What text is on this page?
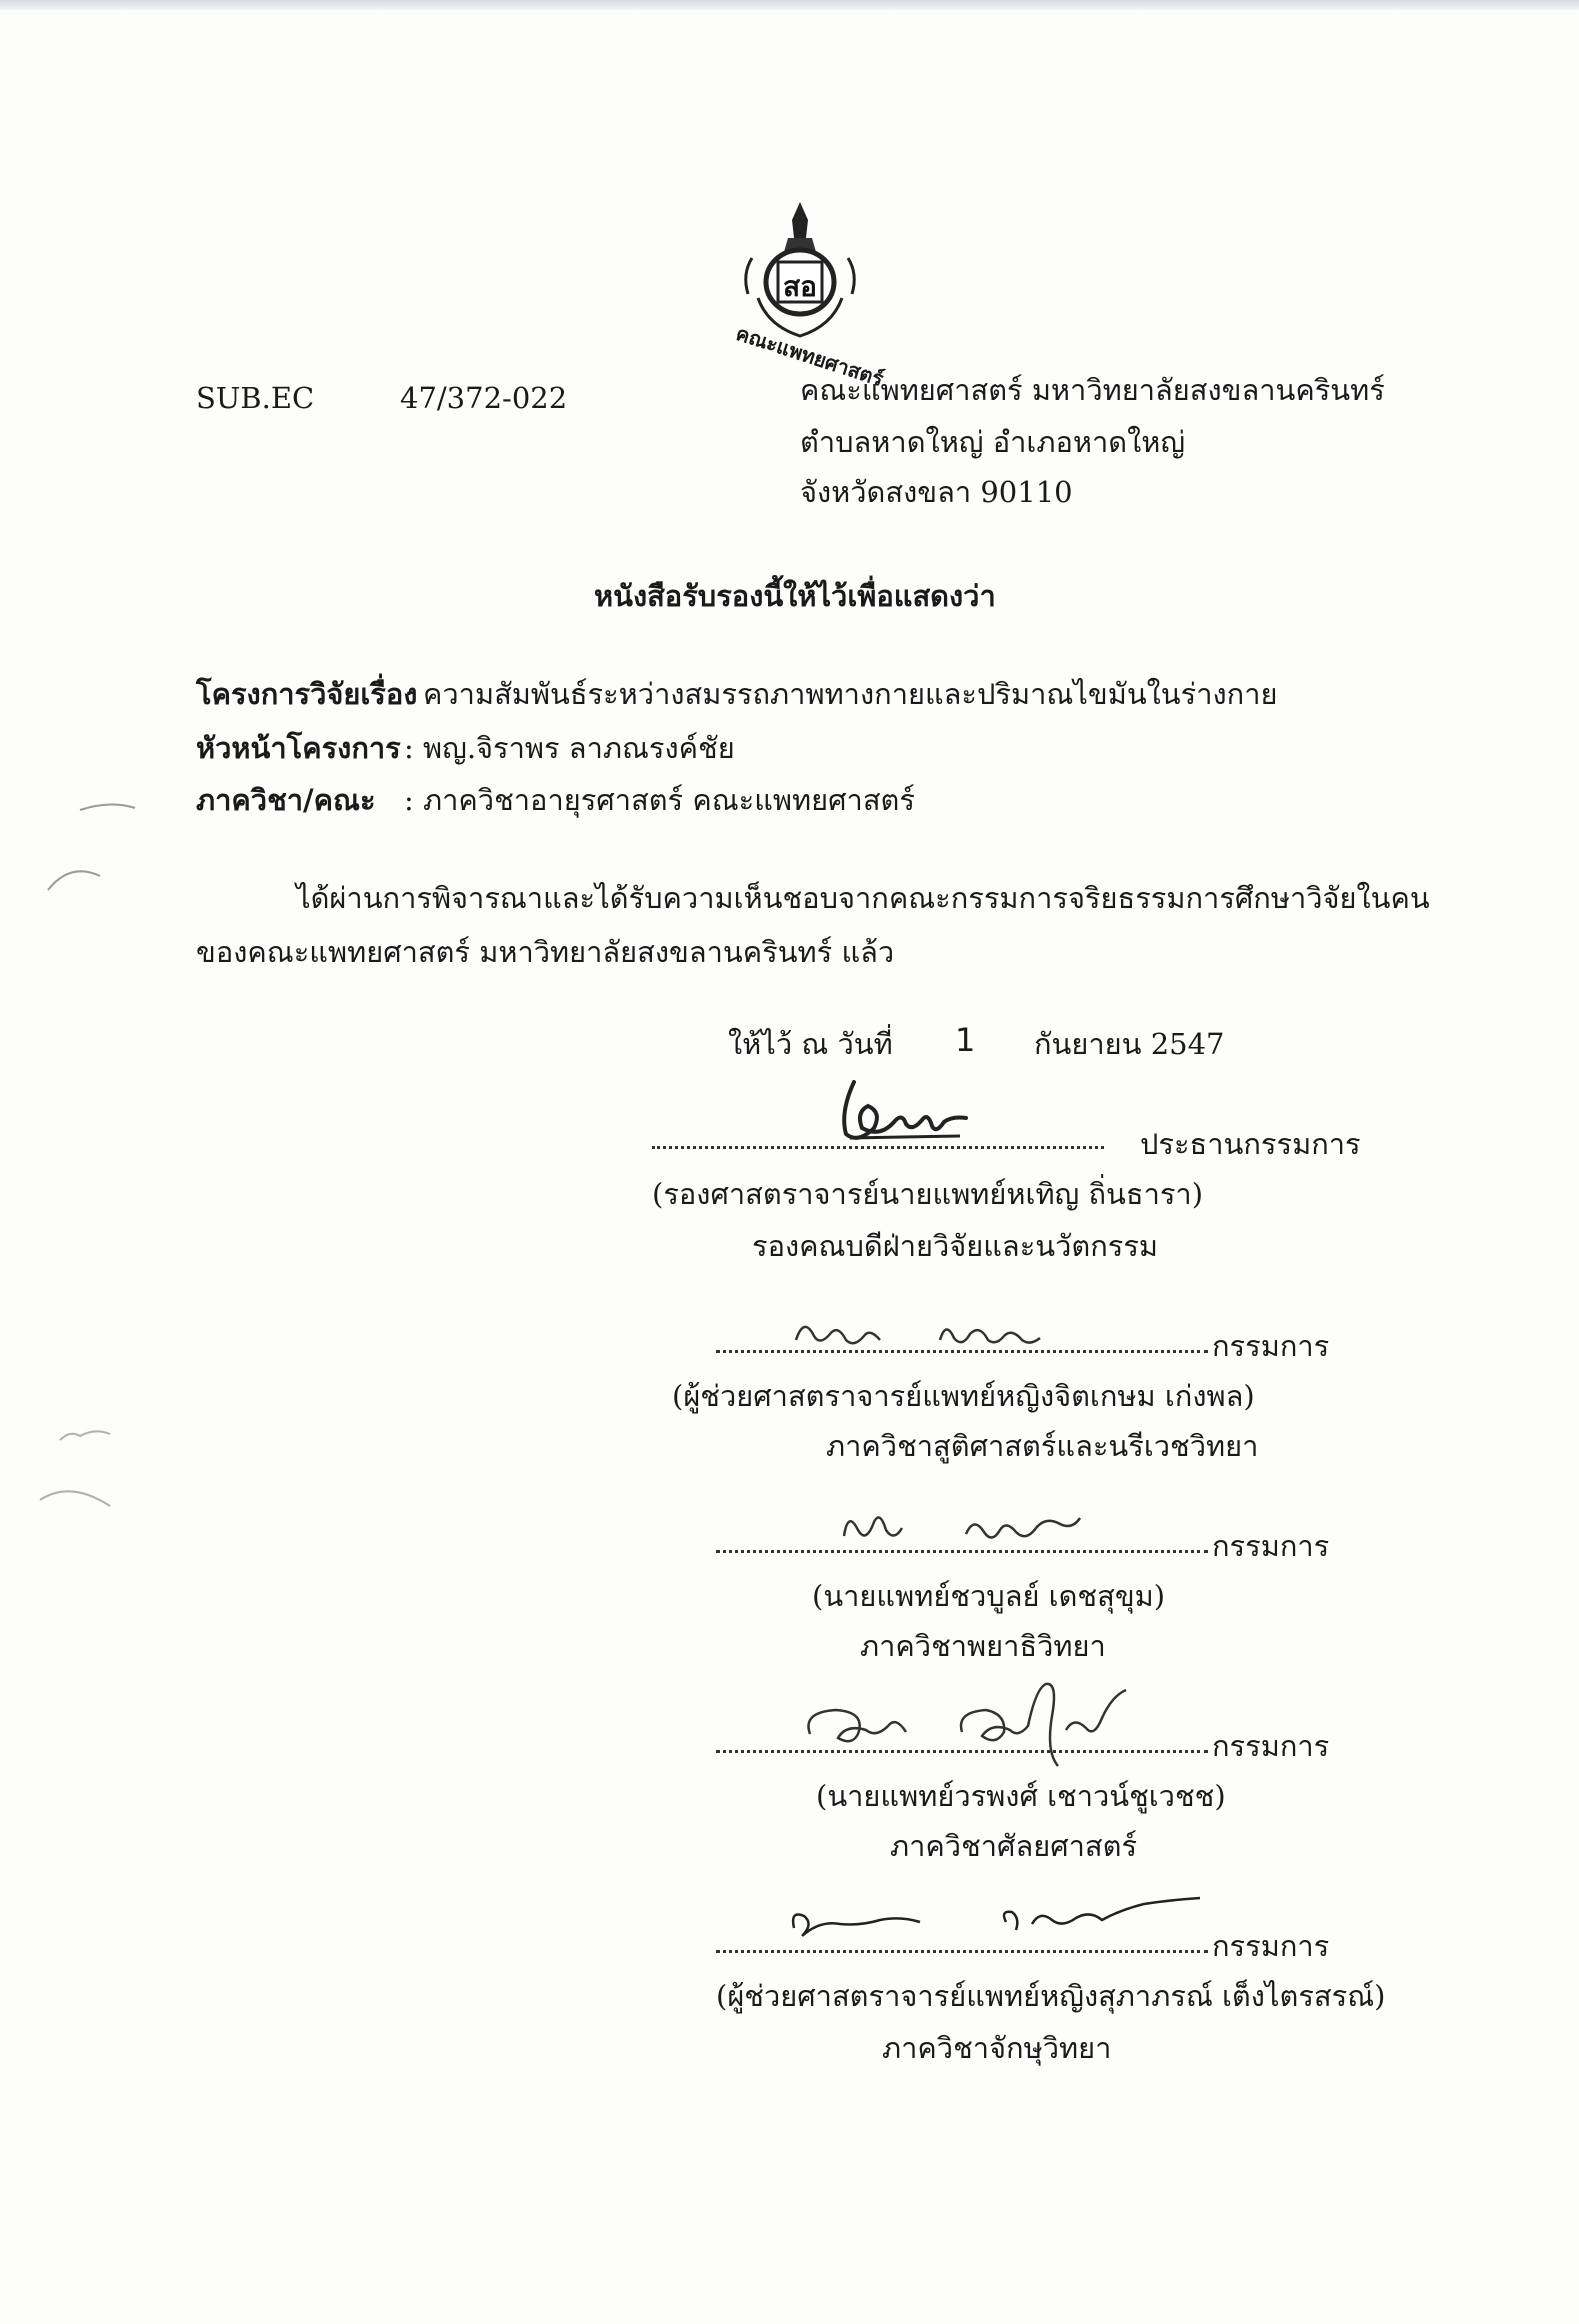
สอ
คณะแพทยศาสตร์
SUB.EC	47/372-022	คณะแพทยศาสตร์ มหาวิทยาลัยสงขลานครินทร์
ตำบลหาดใหญ่ อำเภอหาดใหญ่
จังหวัดสงขลา 90110
หนังสือรับรองนี้ให้ไว้เพื่อแสดงว่า
โครงการวิจัยเรื่อง
: ความสัมพันธ์ระหว่างสมรรถภาพทางกายและปริมาณไขมันในร่างกาย
หัวหน้าโครงการ : พญ.จิราพร ลาภณรงค์ชัย
ภาควิชา/คณะ : ภาควิชาอายุรศาสตร์ คณะแพทยศาสตร์
ได้ผ่านการพิจารณาและได้รับความเห็นชอบจากคณะกรรมการจริยธรรมการศึกษาวิจัยในคน
ของคณะแพทยศาสตร์ มหาวิทยาลัยสงขลานครินทร์ แล้ว
ให้ไว้ ณ วันที่ 1 กันยายน 2547
ประธานกรรมการ
(รองศาสตราจารย์นายแพทย์หเทิญ ถิ่นธารา)
รองคณบดีฝ่ายวิจัยและนวัตกรรม
กรรมการ
(ผู้ช่วยศาสตราจารย์แพทย์หญิงจิตเกษม เก่งพล)
ภาควิชาสูติศาสตร์และนรีเวชวิทยา
กรรมการ
(นายแพทย์ชวบูลย์ เดชสุขุม)
ภาควิชาพยาธิวิทยา
กรรมการ
(นายแพทย์วรพงศ์ เชาวน์ชูเวชช)
ภาควิชาศัลยศาสตร์
กรรมการ
(ผู้ช่วยศาสตราจารย์แพทย์หญิงสุภาภรณ์ เต็งไตรสรณ์)
ภาควิชาจักษุวิทยา
